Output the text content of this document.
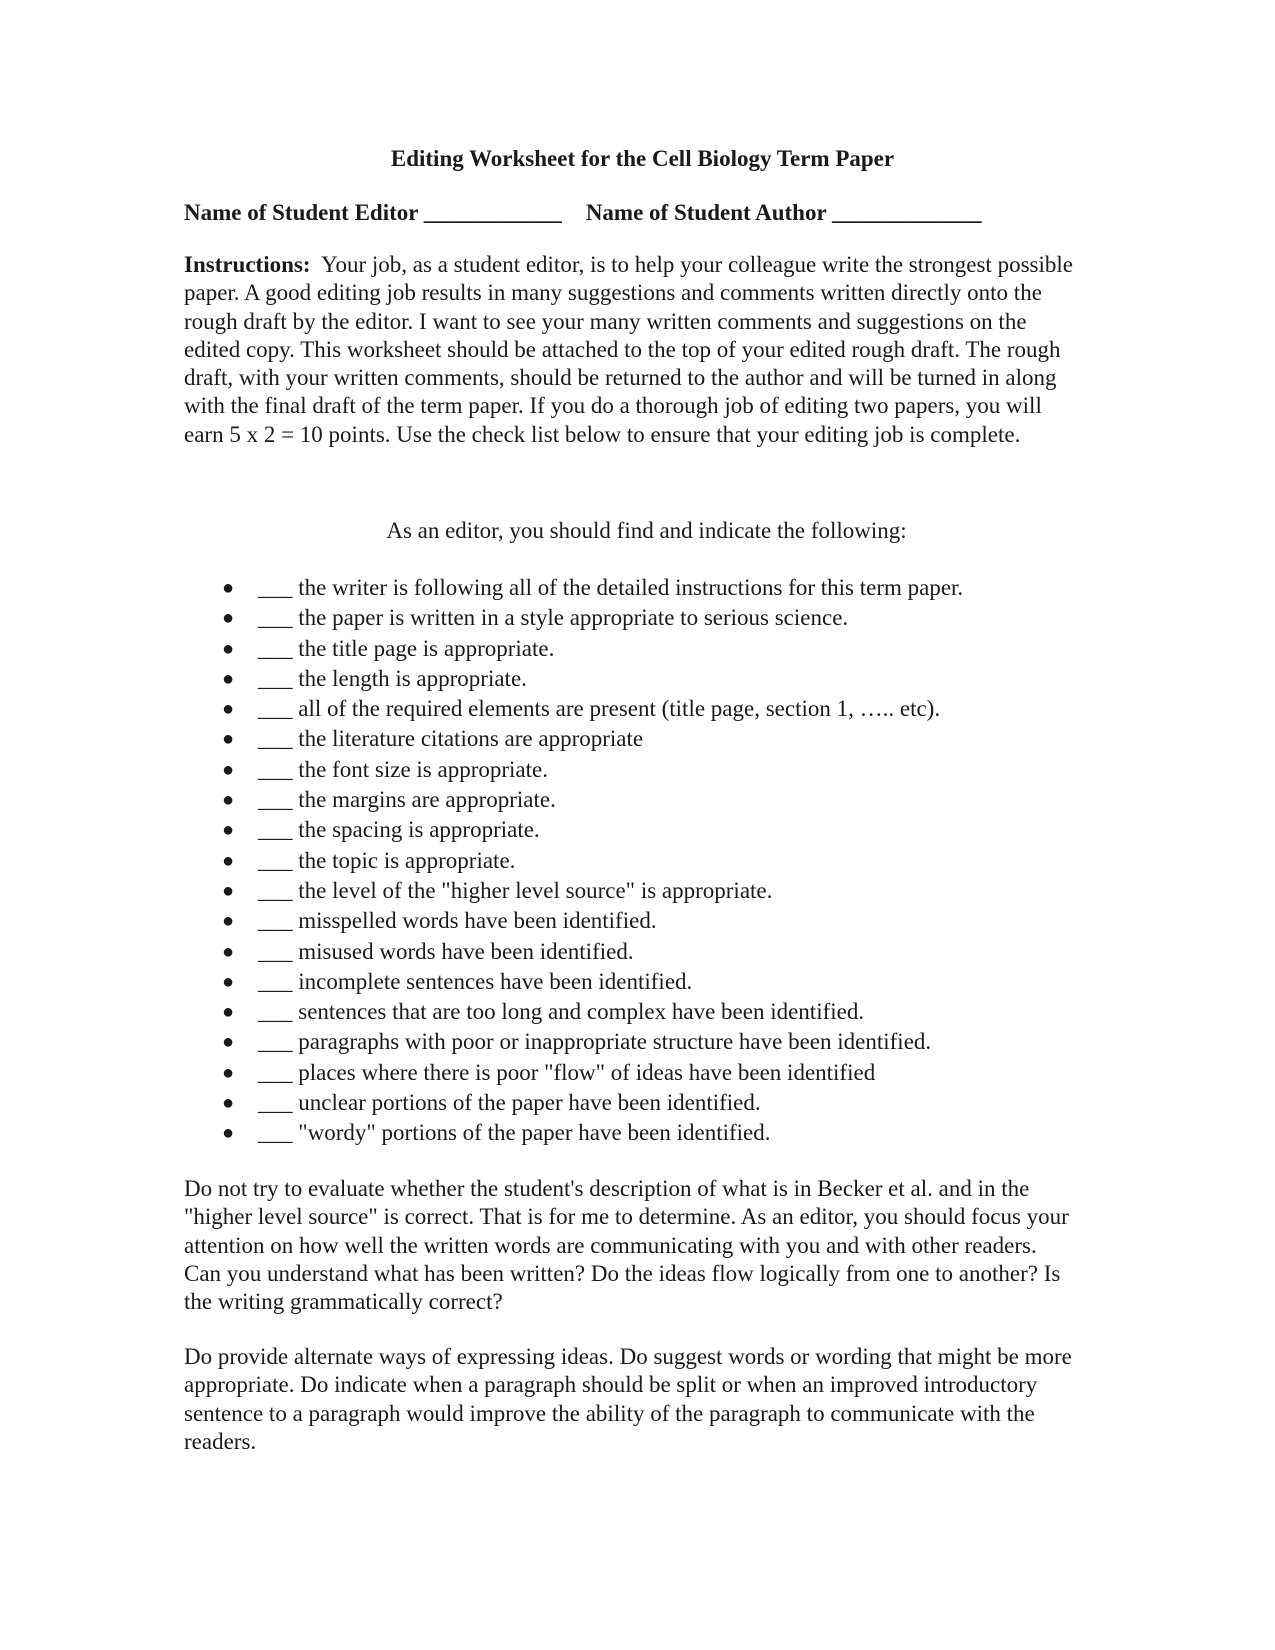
Editing Worksheet for the Cell Biology Term Paper
Name of Student Editor ____________ Name of Student Author _____________
Instructions: Your job, as a student editor, is to help your colleague write the strongest possible paper. A good editing job results in many suggestions and comments written directly onto the rough draft by the editor. I want to see your many written comments and suggestions on the edited copy. This worksheet should be attached to the top of your edited rough draft. The rough draft, with your written comments, should be returned to the author and will be turned in along with the final draft of the term paper. If you do a thorough job of editing two papers, you will earn 5 x 2 = 10 points. Use the check list below to ensure that your editing job is complete.
As an editor, you should find and indicate the following:
● ___ the writer is following all of the detailed instructions for this term paper.
● ___ the paper is written in a style appropriate to serious science.
● ___ the title page is appropriate.
● ___ the length is appropriate.
● ___ all of the required elements are present (title page, section 1, ….. etc).
● ___ the literature citations are appropriate
● ___ the font size is appropriate.
● ___ the margins are appropriate.
● ___ the spacing is appropriate.
● ___ the topic is appropriate.
● ___ the level of the "higher level source" is appropriate.
● ___ misspelled words have been identified.
● ___ misused words have been identified.
● ___ incomplete sentences have been identified.
● ___ sentences that are too long and complex have been identified.
● ___ paragraphs with poor or inappropriate structure have been identified.
● ___ places where there is poor "flow" of ideas have been identified
● ___ unclear portions of the paper have been identified.
● ___ "wordy" portions of the paper have been identified.
Do not try to evaluate whether the student's description of what is in Becker et al. and in the "higher level source" is correct. That is for me to determine. As an editor, you should focus your attention on how well the written words are communicating with you and with other readers. Can you understand what has been written? Do the ideas flow logically from one to another? Is the writing grammatically correct?
Do provide alternate ways of expressing ideas. Do suggest words or wording that might be more appropriate. Do indicate when a paragraph should be split or when an improved introductory sentence to a paragraph would improve the ability of the paragraph to communicate with the readers.
